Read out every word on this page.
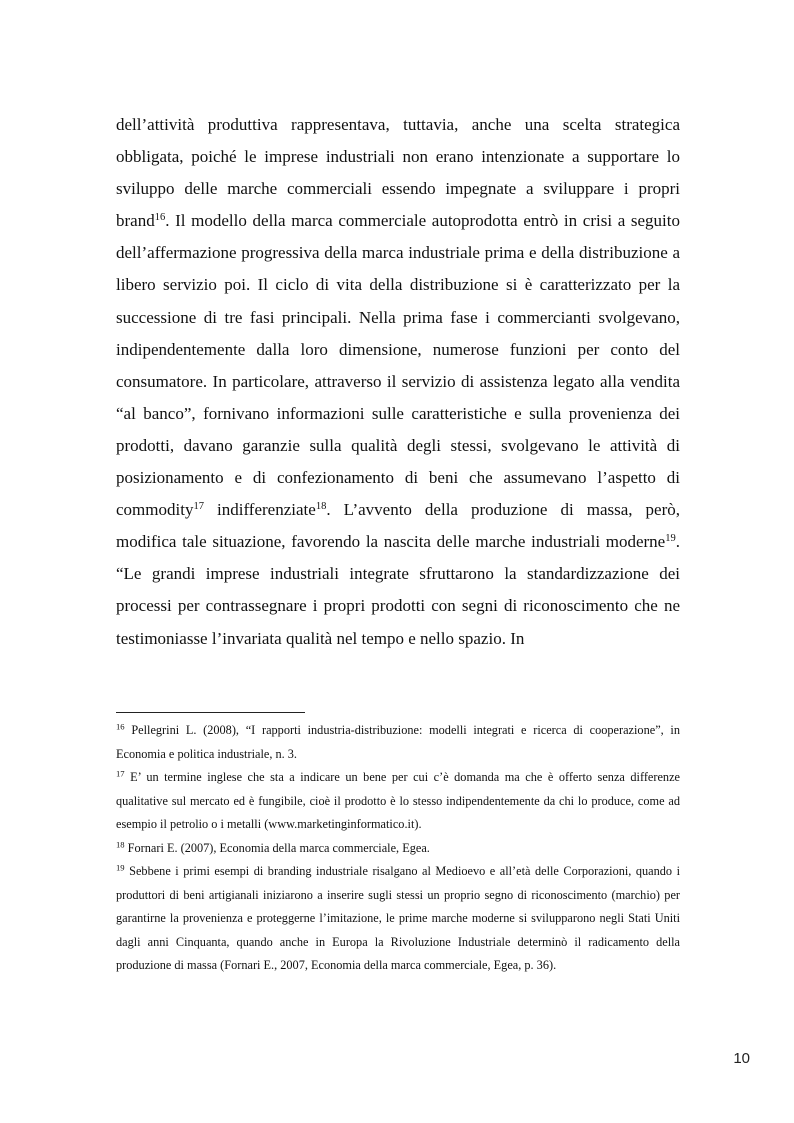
dell’attività produttiva rappresentava, tuttavia, anche una scelta strategica obbligata, poiché le imprese industriali non erano intenzionate a supportare lo sviluppo delle marche commerciali essendo impegnate a sviluppare i propri brand$^{16}$. Il modello della marca commerciale autoprodotta entrò in crisi a seguito dell’affermazione progressiva della marca industriale prima e della distribuzione a libero servizio poi. Il ciclo di vita della distribuzione si è caratterizzato per la successione di tre fasi principali. Nella prima fase i commercianti svolgevano, indipendentemente dalla loro dimensione, numerose funzioni per conto del consumatore. In particolare, attraverso il servizio di assistenza legato alla vendita “al banco”, fornivano informazioni sulle caratteristiche e sulla provenienza dei prodotti, davano garanzie sulla qualità degli stessi, svolgevano le attività di posizionamento e di confezionamento di beni che assumevano l’aspetto di commodity$^{17}$ indifferenziate$^{18}$. L’avvento della produzione di massa, però, modifica tale situazione, favorendo la nascita delle marche industriali moderne$^{19}$. “Le grandi imprese industriali integrate sfruttarono la standardizzazione dei processi per contrassegnare i propri prodotti con segni di riconoscimento che ne testimoniasse l’invariata qualità nel tempo e nello spazio. In

$^{16}$ Pellegrini L. (2008), “I rapporti industria-distribuzione: modelli integrati e ricerca di cooperazione”, in Economia e politica industriale, n. 3.

$^{17}$ E’ un termine inglese che sta a indicare un bene per cui c’è domanda ma che è offerto senza differenze qualitative sul mercato ed è fungibile, cioè il prodotto è lo stesso indipendentemente da chi lo produce, come ad esempio il petrolio o i metalli (www.marketinginformatico.it).

$^{18}$ Fornari E. (2007), Economia della marca commerciale, Egea.

$^{19}$ Sebbene i primi esempi di branding industriale risalgano al Medioevo e all’età delle Corporazioni, quando i produttori di beni artigianali iniziarono a inserire sugli stessi un proprio segno di riconoscimento (marchio) per garantirne la provenienza e proteggerne l’imitazione, le prime marche moderne si svilupparono negli Stati Uniti dagli anni Cinquanta, quando anche in Europa la Rivoluzione Industriale determinò il radicamento della produzione di massa (Fornari E., 2007, Economia della marca commerciale, Egea, p. 36).

10
